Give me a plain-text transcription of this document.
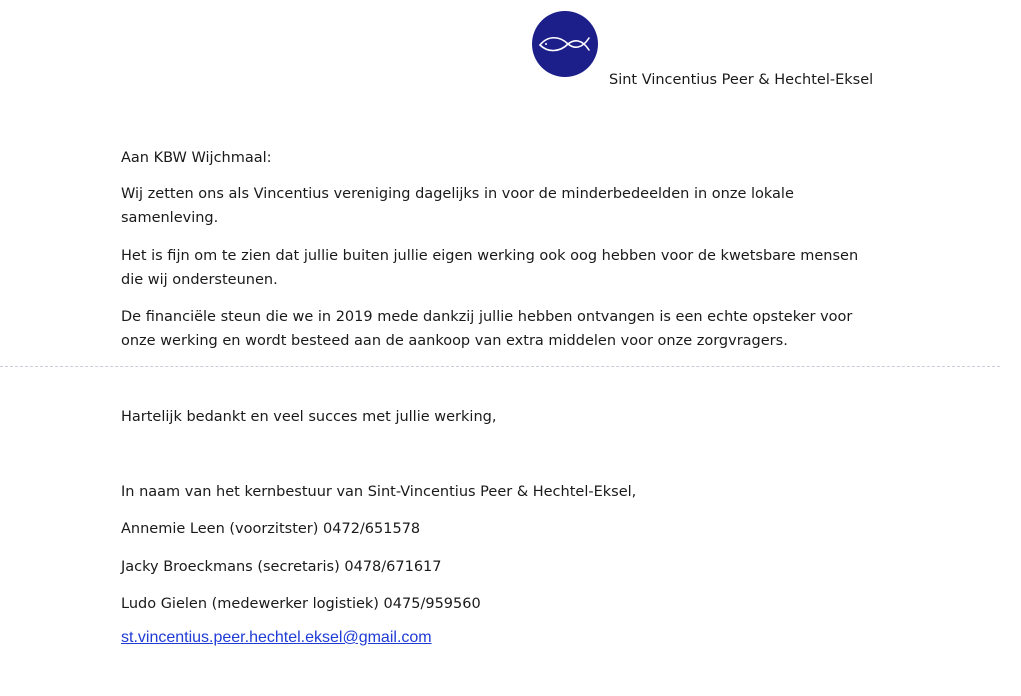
Sint Vincentius Peer & Hechtel-Eksel
Aan KBW Wijchmaal:
Wij zetten ons als Vincentius vereniging dagelijks in voor de minderbedeelden in onze lokale
samenleving.
Het is fijn om te zien dat jullie buiten jullie eigen werking ook oog hebben voor de kwetsbare mensen
die wij ondersteunen.
De financiële steun die we in 2019 mede dankzij jullie hebben ontvangen is een echte opsteker voor
onze werking en wordt besteed aan de aankoop van extra middelen voor onze zorgvragers.
Hartelijk bedankt en veel succes met jullie werking,
In naam van het kernbestuur van Sint-Vincentius Peer & Hechtel-Eksel,
Annemie Leen (voorzitster) 0472/651578
Jacky Broeckmans (secretaris) 0478/671617
Ludo Gielen (medewerker logistiek) 0475/959560
st.vincentius.peer.hechtel.eksel@gmail.com
